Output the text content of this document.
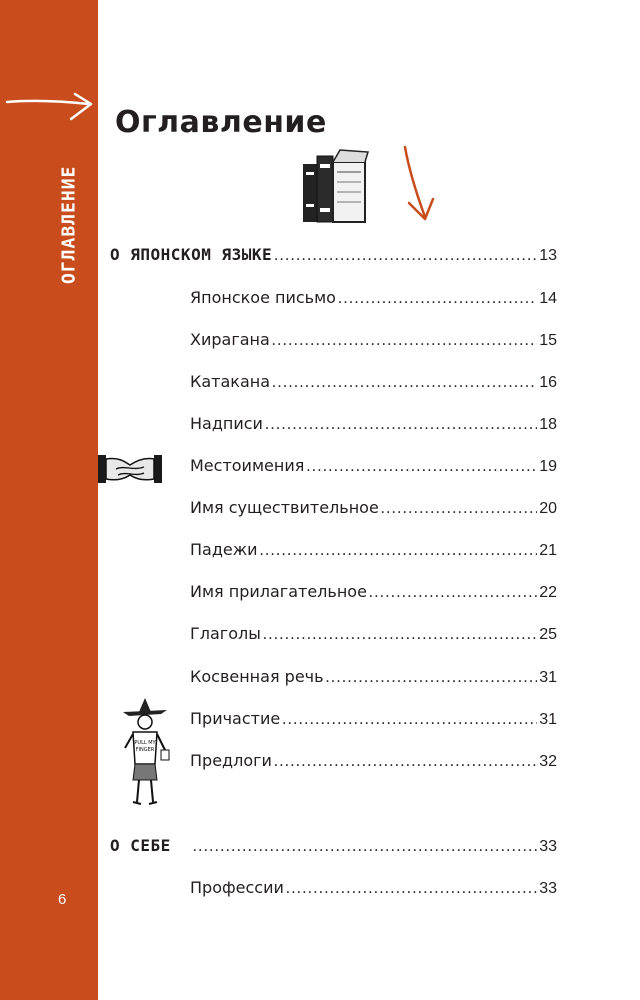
ОГЛАВЛЕНИЕ
6
Оглавление
PULL MY
FINGER
О ЯПОНСКОМ ЯЗЫКЕ .....	13
Японское письмо .....	14
Хирагана .....	15
Катакана .....	16
Надписи .....	18
Местоимения .....	19
Имя существительное .....	20
Падежи .....	21
Имя прилагательное .....	22
Глаголы .....	25
Косвенная речь .....	31
Причастие .....	31
Предлоги .....	32
О СЕБЕ .....	33
Профессии .....	33
